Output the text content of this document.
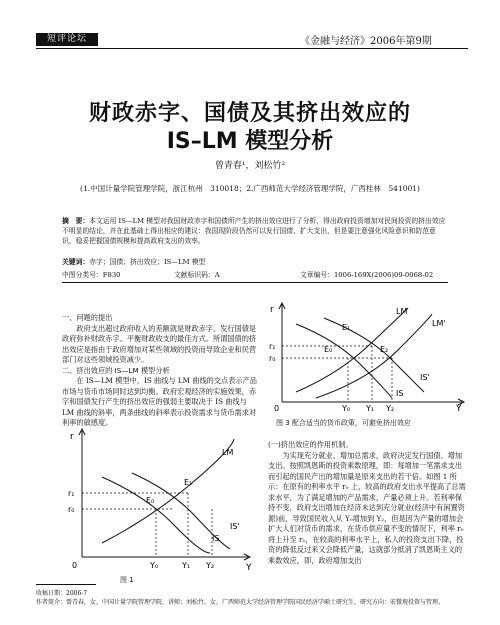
短评论坛	《金融与经济》2006年第9期
财政赤字、国债及其挤出效应的
IS–LM 模型分析
曾青春¹，刘松竹²
(1.中国计量学院管理学院，浙江杭州　310018；2.广西师范大学经济管理学院，广西桂林　541001)
摘　要：本文运用 IS—LM 模型对我国财政赤字和国债所产生的挤出效应进行了分析，得出政府投资增加对民间投资的挤出效应不明显的结论，并在此基础上得出相应的建议：我国现阶段仍然可以发行国债、扩大支出，但是要注意强化风险意识和防范意识，稳妥把握国债规模和提高政府支出的效率。
关键词：赤字；国债；挤出效应；IS—LM 模型
中图分类号：F830	文献标识码：A	文章编号：1006-169X(2006)09-0068-02
一、问题的提出

政府支出超过政府收入的差额就是财政赤字，发行国债是政府弥补财政赤字、平衡财政收支的最佳方式。所谓国债的挤出效应是指由于政府增加对某些领域的投资而导致企业和民营部门对这些领域投资减少。

二、挤出效应的 IS—LM 模型分析

在 IS—LM 模型中，IS 曲线与 LM 曲线的交点表示产品市场与货币市场同时达到均衡。政府宏观经济的实施效果，赤字和国债发行产生的挤出效应的强弱主要取决于 IS 曲线与 LM 曲线的斜率，两条曲线的斜率表示投资需求与货币需求对利率的敏感度。

r
Y
0
LM
IS
IS'
E₁
E₀
r₁
r₀
Y₀	Y₁ Y₂
图 1
r
Y
0
LM
LM'
IS
IS'
E₁
E₀	E₂
r₁
r₀
Y₀ Y₁ Y₂
图 3 配合适当的货币政策，可避免挤出效应
(一)挤出效应的作用机制。

为实现充分就业、增加总需求，政府决定发行国债、增加支出。按照凯恩斯的投资乘数原理，即：每增加一笔需求支出而引起的国民产出的增加量是原来支出的若干倍。如图 1 所示：在原有的利率水平 r₀ 上，较高的政府支出水平提高了总需求水平，为了满足增加的产品需求，产量必须上升。若利率保持不变，政府支出增加在经济未达到充分就业(经济中有闲置资源)前，导致国民收入从 Y₀增加到 Y₂，但是因为产量的增加会扩大人们对货币的需求，在货币供应量不变的情况下，利率 r₀ 将上升至 r₁，在较高的利率水平上，私人的投资支出下降，投资的降低反过来又会降低产量，这就部分抵消了凯恩斯主义的乘数效应，即，政府增加支出

收稿日期：2006-7
作者简介：曾青春，女，中国计量学院管理学院，讲师；刘松竹，女，广西师范大学经济管理学院国民经济学硕士研究生，研究方向：宏微观投资与管理。
